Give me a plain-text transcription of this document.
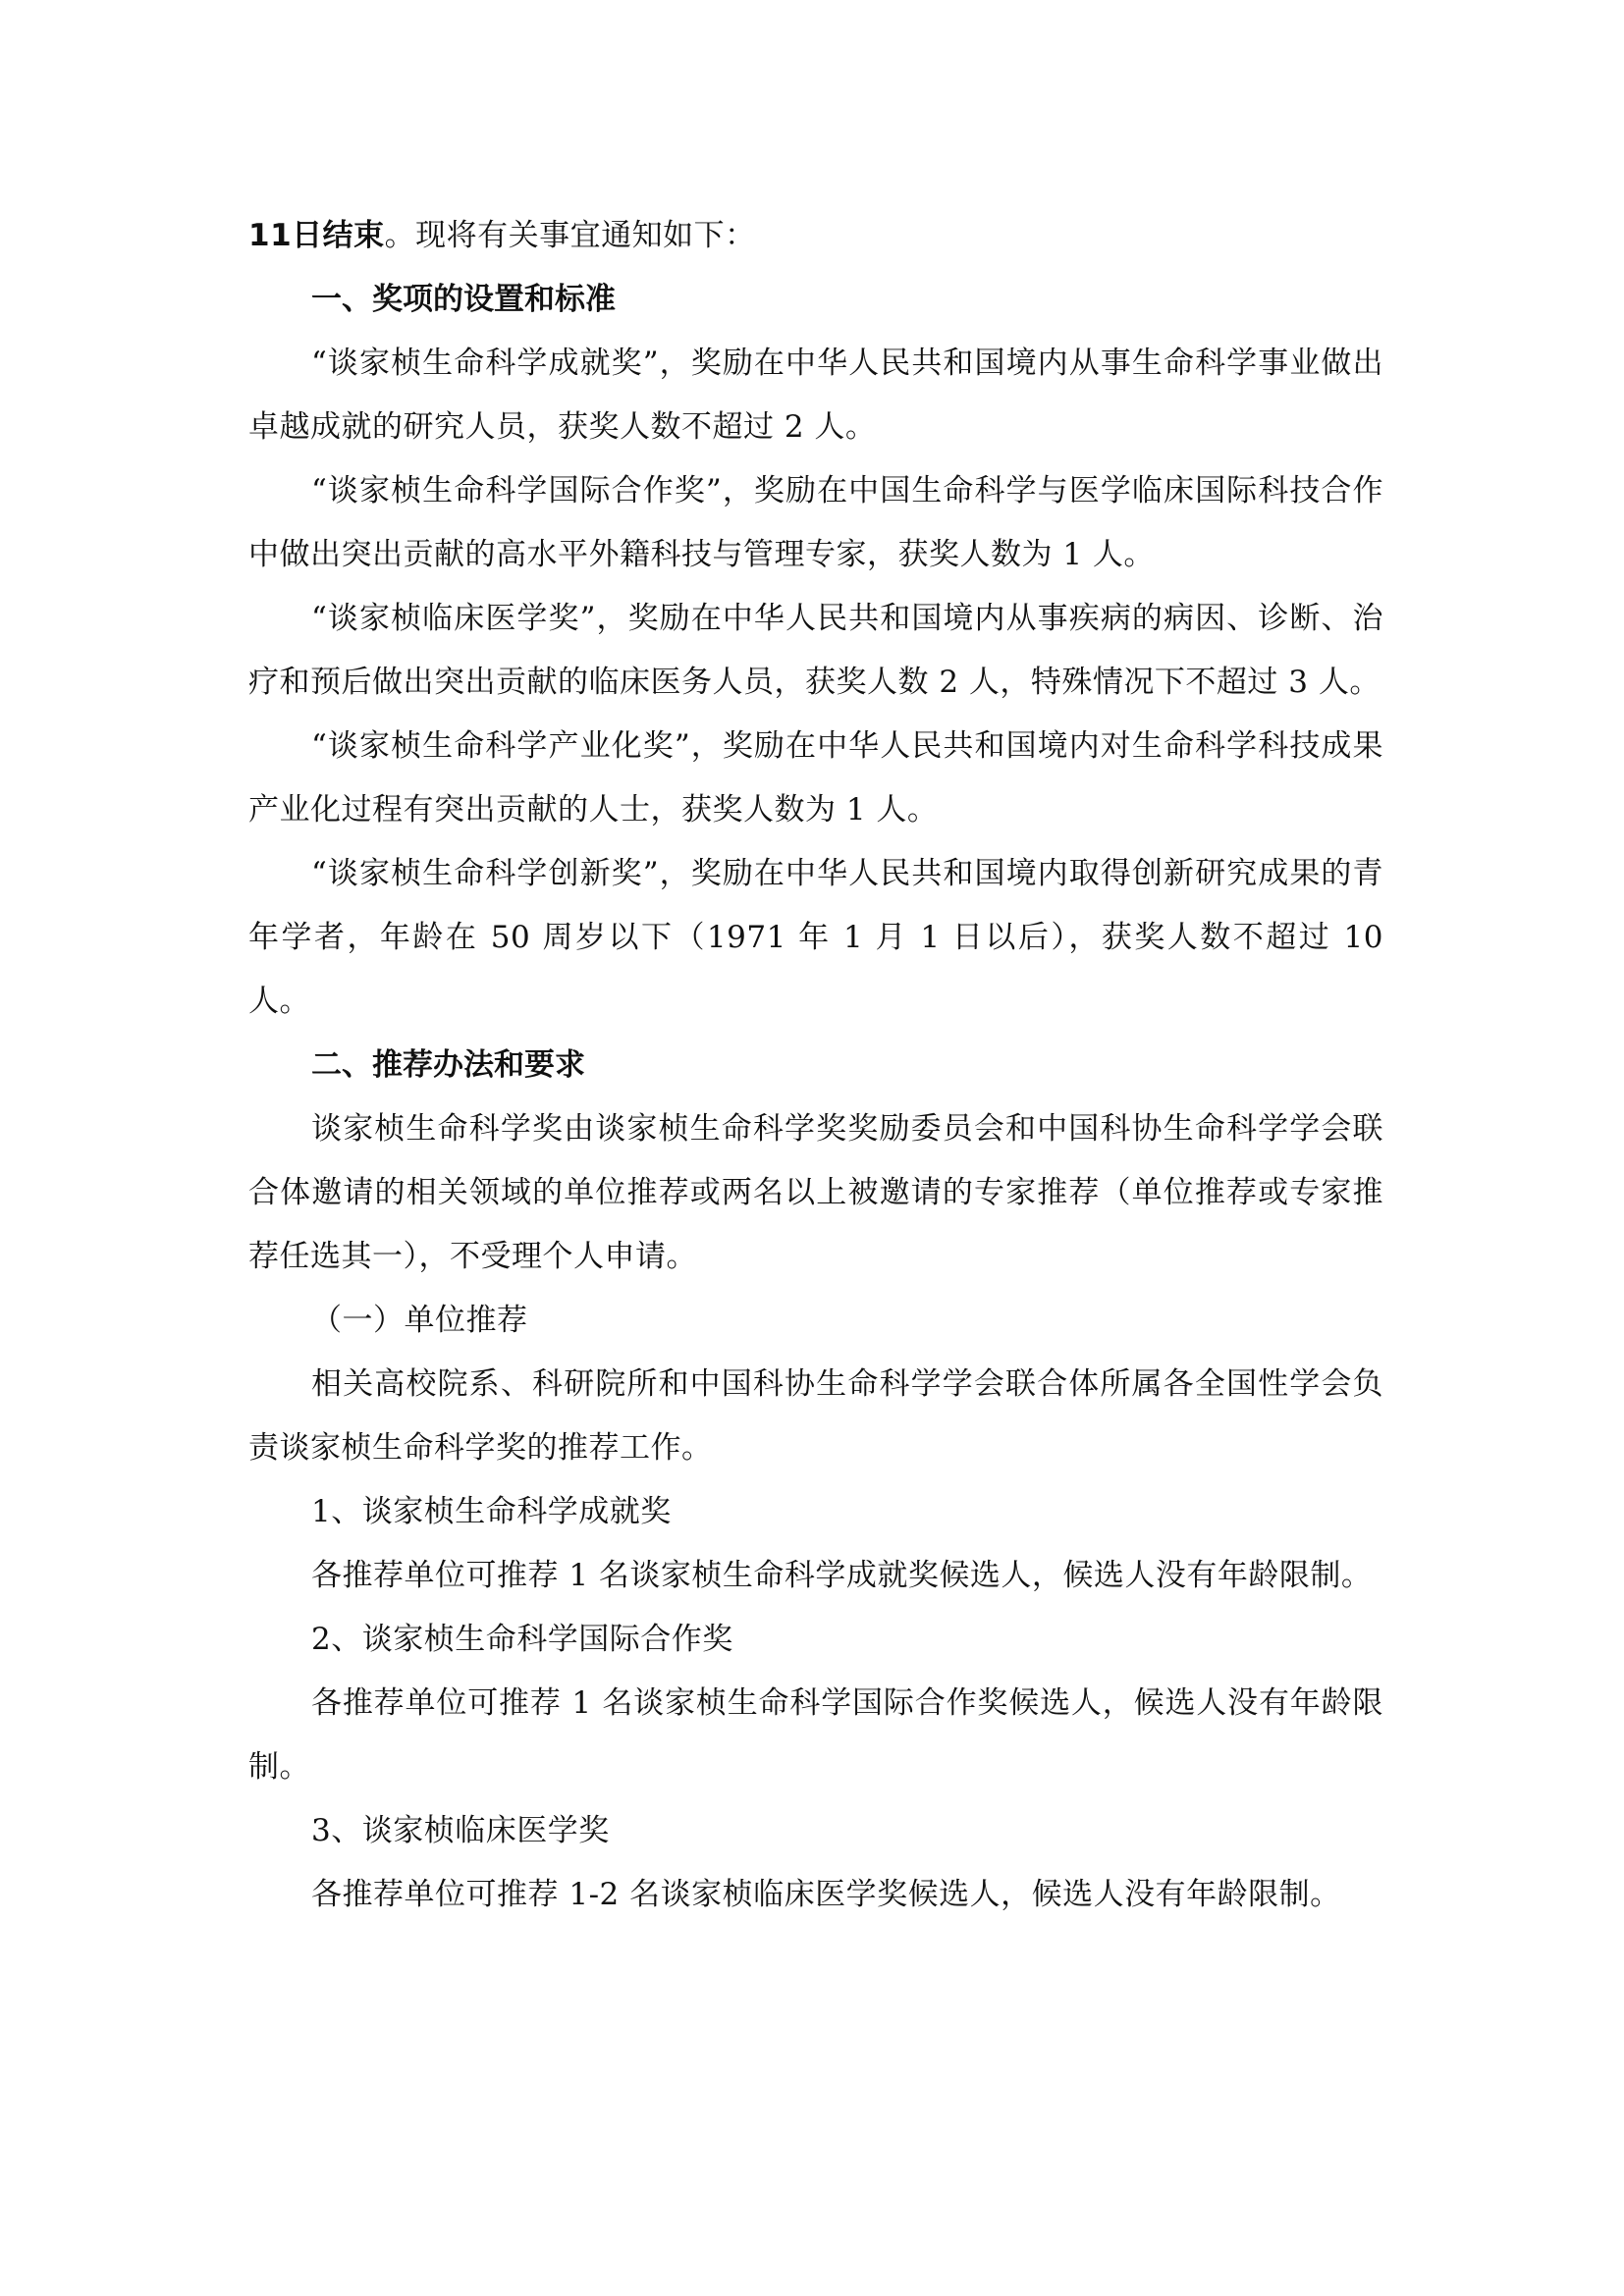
11日结束。现将有关事宜通知如下：

一、奖项的设置和标准

“谈家桢生命科学成就奖”，奖励在中华人民共和国境内从事生命科学事业做出卓越成就的研究人员，获奖人数不超过 2 人。

“谈家桢生命科学国际合作奖”，奖励在中国生命科学与医学临床国际科技合作中做出突出贡献的高水平外籍科技与管理专家，获奖人数为 1 人。

“谈家桢临床医学奖”，奖励在中华人民共和国境内从事疾病的病因、诊断、治疗和预后做出突出贡献的临床医务人员，获奖人数 2 人，特殊情况下不超过 3 人。

“谈家桢生命科学产业化奖”，奖励在中华人民共和国境内对生命科学科技成果产业化过程有突出贡献的人士，获奖人数为 1 人。

“谈家桢生命科学创新奖”，奖励在中华人民共和国境内取得创新研究成果的青年学者，年龄在 50 周岁以下（1971 年 1 月 1 日以后），获奖人数不超过 10 人。

二、推荐办法和要求

谈家桢生命科学奖由谈家桢生命科学奖奖励委员会和中国科协生命科学学会联合体邀请的相关领域的单位推荐或两名以上被邀请的专家推荐（单位推荐或专家推荐任选其一），不受理个人申请。

（一）单位推荐

相关高校院系、科研院所和中国科协生命科学学会联合体所属各全国性学会负责谈家桢生命科学奖的推荐工作。

1、谈家桢生命科学成就奖

各推荐单位可推荐 1 名谈家桢生命科学成就奖候选人，候选人没有年龄限制。

2、谈家桢生命科学国际合作奖

各推荐单位可推荐 1 名谈家桢生命科学国际合作奖候选人，候选人没有年龄限制。

3、谈家桢临床医学奖

各推荐单位可推荐 1-2 名谈家桢临床医学奖候选人，候选人没有年龄限制。
